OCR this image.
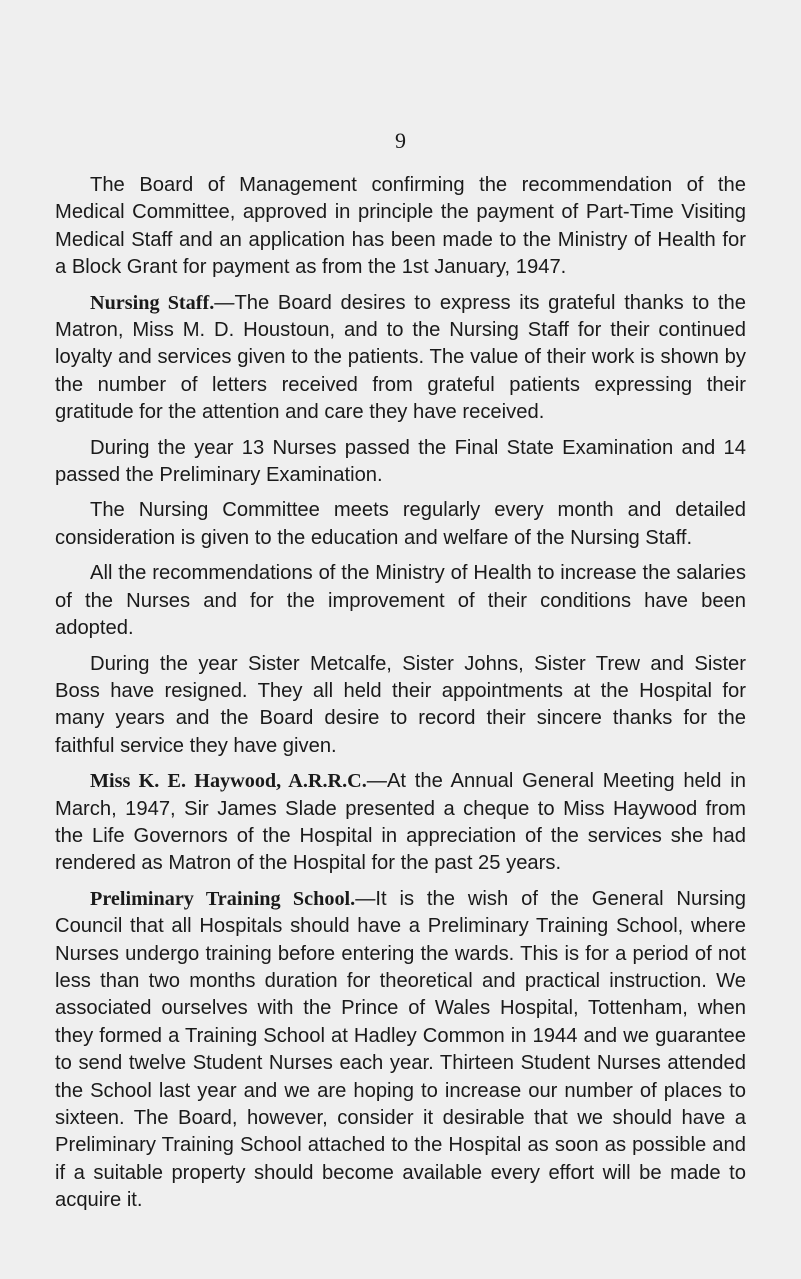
9

The Board of Management confirming the recommendation of the Medical Committee, approved in principle the payment of Part-Time Visiting Medical Staff and an application has been made to the Ministry of Health for a Block Grant for payment as from the 1st January, 1947.

Nursing Staff.—The Board desires to express its grateful thanks to the Matron, Miss M. D. Houstoun, and to the Nursing Staff for their continued loyalty and services given to the patients. The value of their work is shown by the number of letters received from grateful patients expressing their gratitude for the attention and care they have received.

During the year 13 Nurses passed the Final State Examination and 14 passed the Preliminary Examination.

The Nursing Committee meets regularly every month and detailed consideration is given to the education and welfare of the Nursing Staff.

All the recommendations of the Ministry of Health to increase the salaries of the Nurses and for the improvement of their conditions have been adopted.

During the year Sister Metcalfe, Sister Johns, Sister Trew and Sister Boss have resigned. They all held their appointments at the Hospital for many years and the Board desire to record their sincere thanks for the faithful service they have given.

Miss K. E. Haywood, A.R.R.C.—At the Annual General Meeting held in March, 1947, Sir James Slade presented a cheque to Miss Haywood from the Life Governors of the Hospital in appreciation of the services she had rendered as Matron of the Hospital for the past 25 years.

Preliminary Training School.—It is the wish of the General Nursing Council that all Hospitals should have a Preliminary Training School, where Nurses undergo training before entering the wards. This is for a period of not less than two months duration for theoretical and practical instruction. We associated ourselves with the Prince of Wales Hospital, Tottenham, when they formed a Training School at Hadley Common in 1944 and we guarantee to send twelve Student Nurses each year. Thirteen Student Nurses attended the School last year and we are hoping to increase our number of places to sixteen. The Board, however, consider it desirable that we should have a Preliminary Training School attached to the Hospital as soon as possible and if a suitable property should become available every effort will be made to acquire it.
